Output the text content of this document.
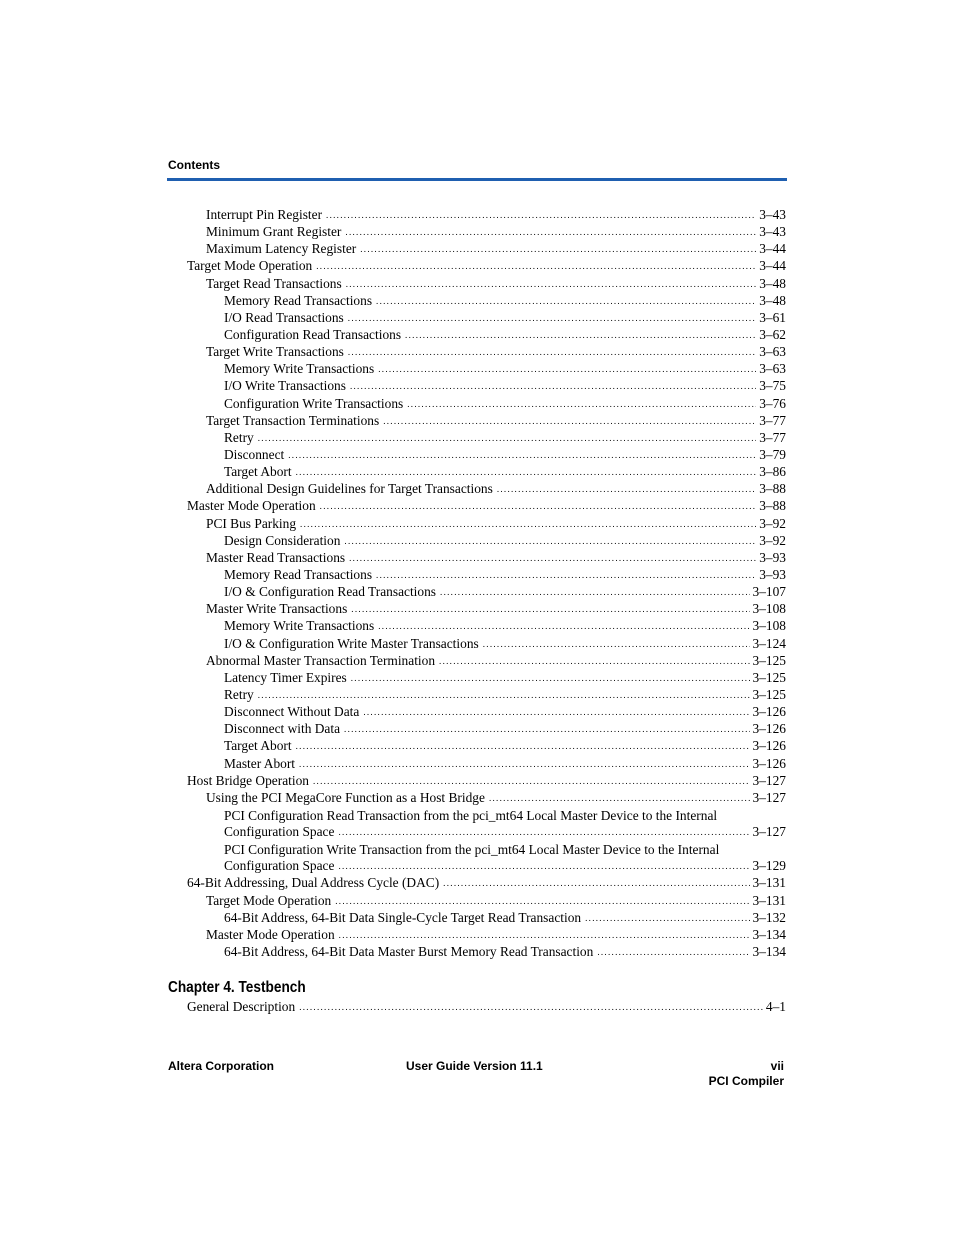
Contents
Interrupt Pin Register .....	3–43
Minimum Grant Register .....	3–43
Maximum Latency Register .....	3–44
Target Mode Operation .....	3–44
Target Read Transactions .....	3–48
Memory Read Transactions .....	3–48
I/O Read Transactions .....	3–61
Configuration Read Transactions .....	3–62
Target Write Transactions .....	3–63
Memory Write Transactions .....	3–63
I/O Write Transactions .....	3–75
Configuration Write Transactions .....	3–76
Target Transaction Terminations .....	3–77
Retry .....	3–77
Disconnect .....	3–79
Target Abort .....	3–86
Additional Design Guidelines for Target Transactions .....	3–88
Master Mode Operation .....	3–88
PCI Bus Parking .....	3–92
Design Consideration .....	3–92
Master Read Transactions .....	3–93
Memory Read Transactions .....	3–93
I/O & Configuration Read Transactions .....	3–107
Master Write Transactions .....	3–108
Memory Write Transactions .....	3–108
I/O & Configuration Write Master Transactions .....	3–124
Abnormal Master Transaction Termination .....	3–125
Latency Timer Expires .....	3–125
Retry .....	3–125
Disconnect Without Data .....	3–126
Disconnect with Data .....	3–126
Target Abort .....	3–126
Master Abort .....	3–126
Host Bridge Operation .....	3–127
Using the PCI MegaCore Function as a Host Bridge .....	3–127
PCI Configuration Read Transaction from the pci_mt64 Local Master Device to the Internal
Configuration Space .....	3–127
PCI Configuration Write Transaction from the pci_mt64 Local Master Device to the Internal
Configuration Space .....	3–129
64-Bit Addressing, Dual Address Cycle (DAC) .....	3–131
Target Mode Operation .....	3–131
64-Bit Address, 64-Bit Data Single-Cycle Target Read Transaction .....	3–132
Master Mode Operation .....	3–134
64-Bit Address, 64-Bit Data Master Burst Memory Read Transaction .....	3–134
Chapter 4. Testbench
General Description .....	4–1
Altera Corporation	User Guide Version 11.1	vii
PCI Compiler
